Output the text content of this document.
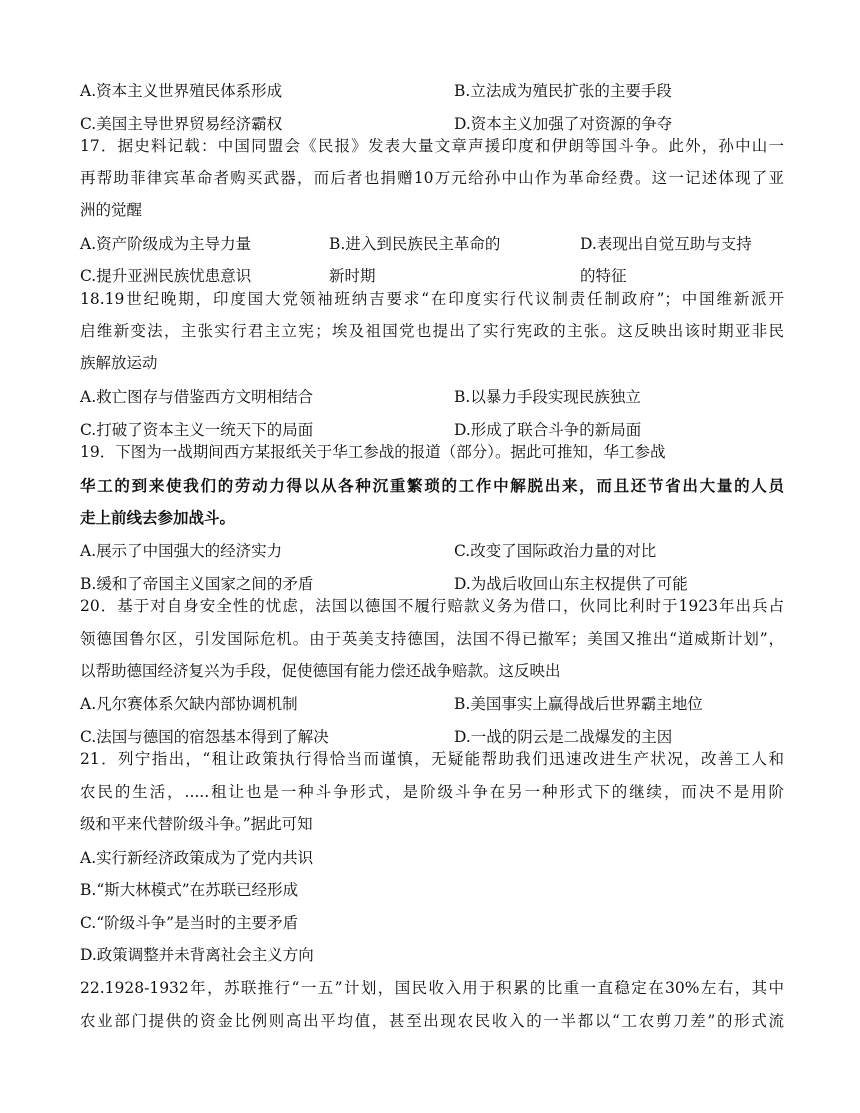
A.资本主义世界殖民体系形成	B.立法成为殖民扩张的主要手段
C.美国主导世界贸易经济霸权	D.资本主义加强了对资源的争夺
17．据史料记载：中国同盟会《民报》发表大量文章声援印度和伊朗等国斗争。此外，孙中山一
再帮助菲律宾革命者购买武器，而后者也捐赠10万元给孙中山作为革命经费。这一记述体现了亚
洲的觉醒
A.资产阶级成为主导力量	B.进入到民族民主革命的	D.表现出自觉互助与支持
C.提升亚洲民族忧患意识	新时期	的特征
18.19世纪晚期，印度国大党领袖班纳吉要求“在印度实行代议制责任制政府”；中国维新派开
启维新变法，主张实行君主立宪；埃及祖国党也提出了实行宪政的主张。这反映出该时期亚非民
族解放运动
A.救亡图存与借鉴西方文明相结合	B.以暴力手段实现民族独立
C.打破了资本主义一统天下的局面	D.形成了联合斗争的新局面
19．下图为一战期间西方某报纸关于华工参战的报道（部分）。据此可推知，华工参战
华工的到来使我们的劳动力得以从各种沉重繁琐的工作中解脱出来，而且还节省出大量的人员
走上前线去参加战斗。
A.展示了中国强大的经济实力	C.改变了国际政治力量的对比
B.缓和了帝国主义国家之间的矛盾	D.为战后收回山东主权提供了可能
20．基于对自身安全性的忧虑，法国以德国不履行赔款义务为借口，伙同比利时于1923年出兵占
领德国鲁尔区，引发国际危机。由于英美支持德国，法国不得已撤军；美国又推出“道威斯计划”，
以帮助德国经济复兴为手段，促使德国有能力偿还战争赔款。这反映出
A.凡尔赛体系欠缺内部协调机制	B.美国事实上赢得战后世界霸主地位
C.法国与德国的宿怨基本得到了解决	D.一战的阴云是二战爆发的主因
21．列宁指出，“租让政策执行得恰当而谨慎，无疑能帮助我们迅速改进生产状况，改善工人和
农民的生活，.....租让也是一种斗争形式，是阶级斗争在另一种形式下的继续，而决不是用阶
级和平来代替阶级斗争。”据此可知
A.实行新经济政策成为了党内共识
B.“斯大林模式”在苏联已经形成
C.“阶级斗争”是当时的主要矛盾
D.政策调整并未背离社会主义方向
22.1928-1932年，苏联推行“一五”计划，国民收入用于积累的比重一直稳定在30%左右，其中
农业部门提供的资金比例则高出平均值，甚至出现农民收入的一半都以“工农剪刀差”的形式流
